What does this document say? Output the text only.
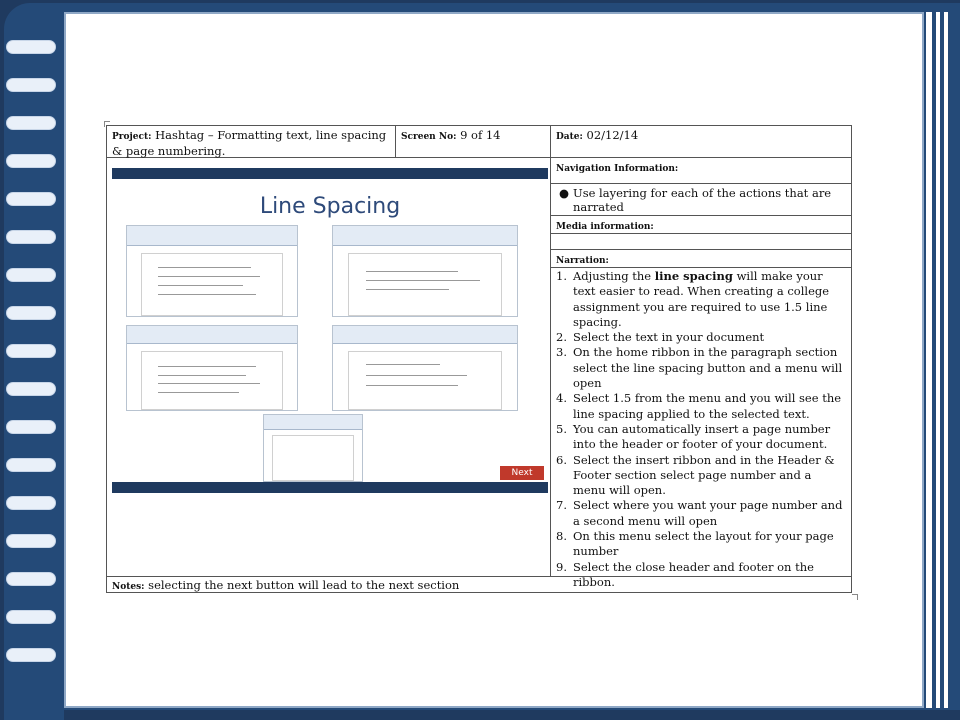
Project: Hashtag – Formatting text, line spacing & page numbering.
Screen No: 9 of 14	Date: 02/12/14
Navigation Information:
● Use layering for each of the actions that are narrated
Media information:
Narration:
1. Adjusting the line spacing will make your text easier to read. When creating a college assignment you are required to use 1.5 line spacing.
2. Select the text in your document
3. On the home ribbon in the paragraph section select the line spacing button and a menu will open
4. Select 1.5 from the menu and you will see the line spacing applied to the selected text.
5. You can automatically insert a page number into the header or footer of your document.
6. Select the insert ribbon and in the Header & Footer section select page number and a menu will open.
7. Select where you want your page number and a second menu will open
8. On this menu select the layout for your page number
9. Select the close header and footer on the ribbon.
Notes: selecting the next button will lead to the next section
Line Spacing
Next
